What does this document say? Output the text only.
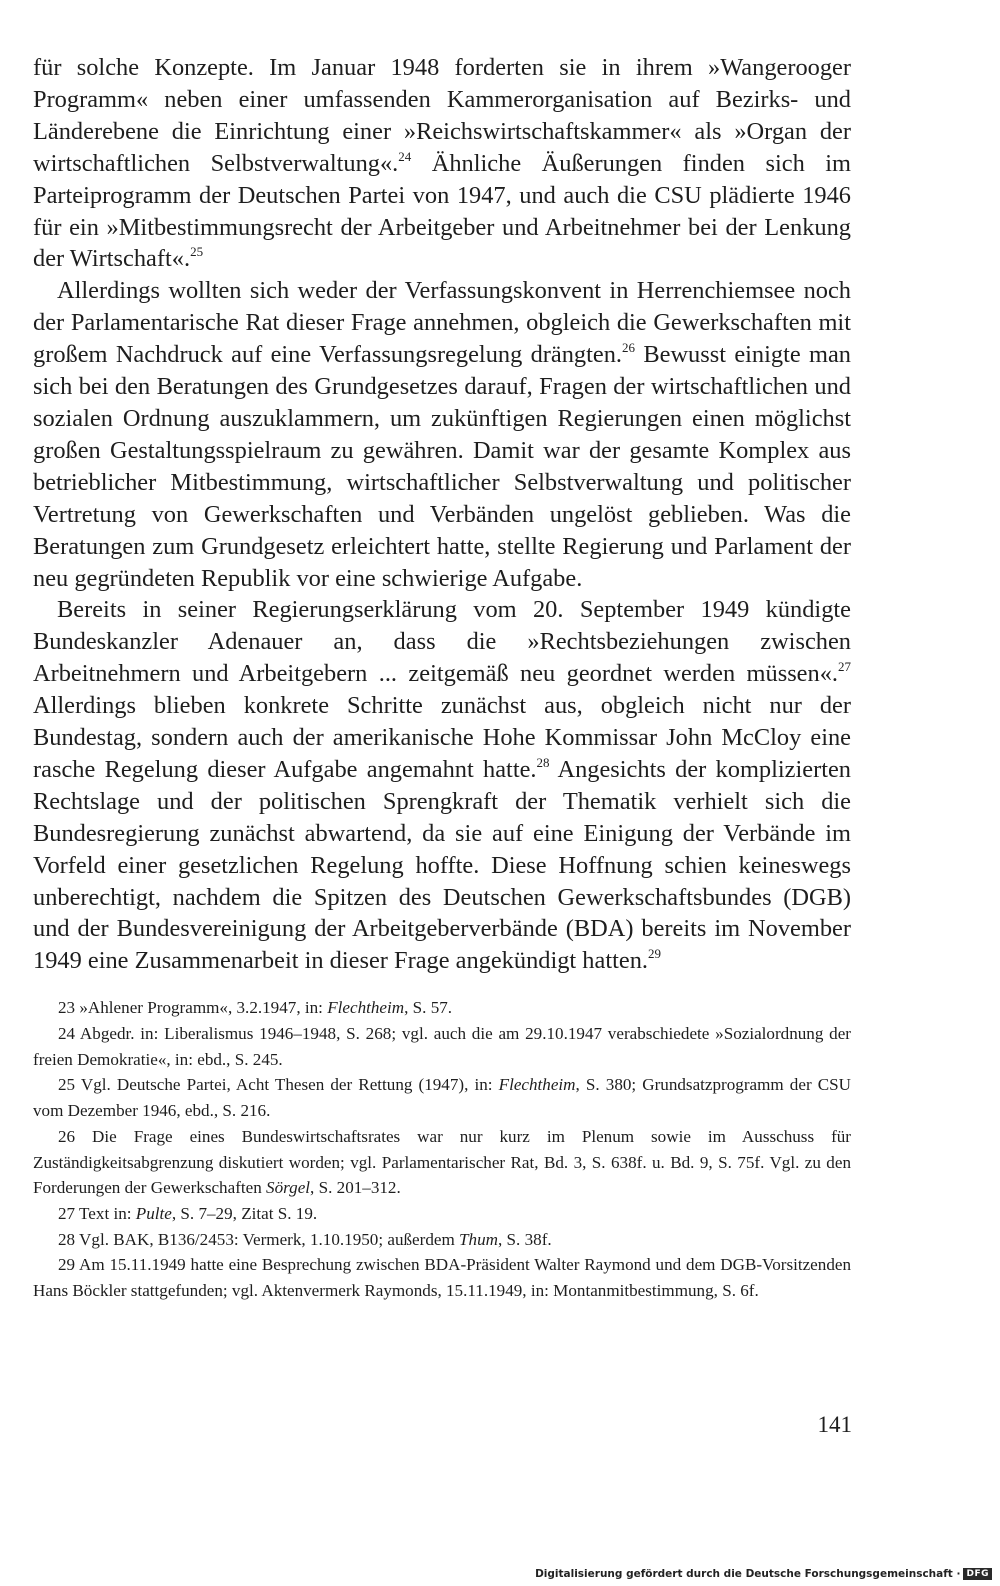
für solche Konzepte. Im Januar 1948 forderten sie in ihrem »Wangerooger Programm« neben einer umfassenden Kammerorganisation auf Bezirks- und Länderebene die Einrichtung einer »Reichswirtschaftskammer« als »Organ der wirtschaftlichen Selbstverwaltung«.$^{24}$ Ähnliche Äußerungen finden sich im Parteiprogramm der Deutschen Partei von 1947, und auch die CSU plädierte 1946 für ein »Mitbestimmungsrecht der Arbeitgeber und Arbeitnehmer bei der Lenkung der Wirtschaft«.$^{25}$

Allerdings wollten sich weder der Verfassungskonvent in Herrenchiemsee noch der Parlamentarische Rat dieser Frage annehmen, obgleich die Gewerkschaften mit großem Nachdruck auf eine Verfassungsregelung drängten.$^{26}$ Bewusst einigte man sich bei den Beratungen des Grundgesetzes darauf, Fragen der wirtschaftlichen und sozialen Ordnung auszuklammern, um zukünftigen Regierungen einen möglichst großen Gestaltungsspielraum zu gewähren. Damit war der gesamte Komplex aus betrieblicher Mitbestimmung, wirtschaftlicher Selbstverwaltung und politischer Vertretung von Gewerkschaften und Verbänden ungelöst geblieben. Was die Beratungen zum Grundgesetz erleichtert hatte, stellte Regierung und Parlament der neu gegründeten Republik vor eine schwierige Aufgabe.

Bereits in seiner Regierungserklärung vom 20. September 1949 kündigte Bundeskanzler Adenauer an, dass die »Rechtsbeziehungen zwischen Arbeitnehmern und Arbeitgebern ... zeitgemäß neu geordnet werden müssen«.$^{27}$ Allerdings blieben konkrete Schritte zunächst aus, obgleich nicht nur der Bundestag, sondern auch der amerikanische Hohe Kommissar John McCloy eine rasche Regelung dieser Aufgabe angemahnt hatte.$^{28}$ Angesichts der komplizierten Rechtslage und der politischen Sprengkraft der Thematik verhielt sich die Bundesregierung zunächst abwartend, da sie auf eine Einigung der Verbände im Vorfeld einer gesetzlichen Regelung hoffte. Diese Hoffnung schien keineswegs unberechtigt, nachdem die Spitzen des Deutschen Gewerkschaftsbundes (DGB) und der Bundesvereinigung der Arbeitgeberverbände (BDA) bereits im November 1949 eine Zusammenarbeit in dieser Frage angekündigt hatten.$^{29}$

23 »Ahlener Programm«, 3.2.1947, in: Flechtheim, S. 57.
24 Abgedr. in: Liberalismus 1946–1948, S. 268; vgl. auch die am 29.10.1947 verabschiedete »Sozialordnung der freien Demokratie«, in: ebd., S. 245.
25 Vgl. Deutsche Partei, Acht Thesen der Rettung (1947), in: Flechtheim, S. 380; Grundsatzprogramm der CSU vom Dezember 1946, ebd., S. 216.
26 Die Frage eines Bundeswirtschaftsrates war nur kurz im Plenum sowie im Ausschuss für Zuständigkeitsabgrenzung diskutiert worden; vgl. Parlamentarischer Rat, Bd. 3, S. 638f. u. Bd. 9, S. 75f. Vgl. zu den Forderungen der Gewerkschaften Sörgel, S. 201–312.
27 Text in: Pulte, S. 7–29, Zitat S. 19.
28 Vgl. BAK, B136/2453: Vermerk, 1.10.1950; außerdem Thum, S. 38f.
29 Am 15.11.1949 hatte eine Besprechung zwischen BDA-Präsident Walter Raymond und dem DGB-Vorsitzenden Hans Böckler stattgefunden; vgl. Aktenvermerk Raymonds, 15.11.1949, in: Montanmitbestimmung, S. 6f.
141
Digitalisierung gefördert durch die Deutsche Forschungsgemeinschaft · DFG
